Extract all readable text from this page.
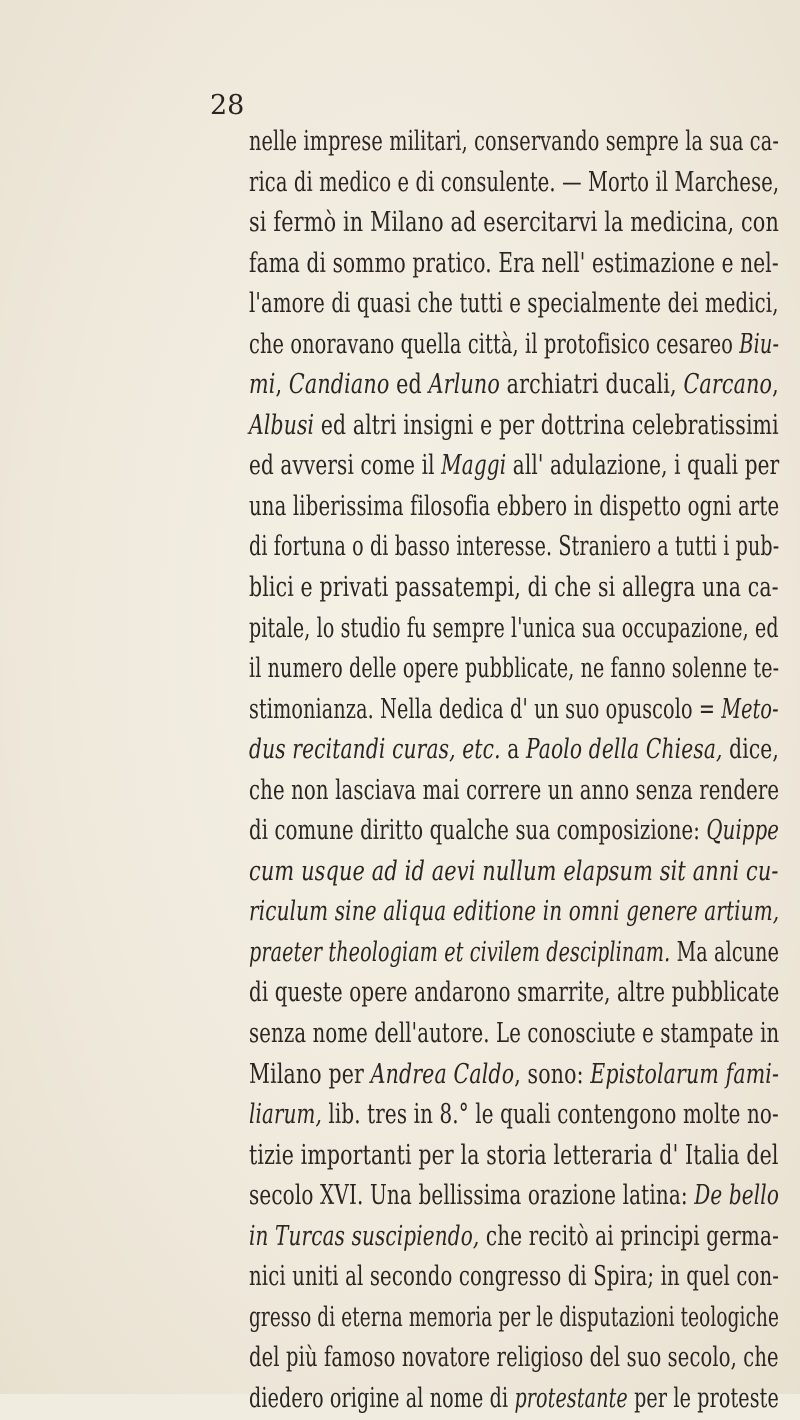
28
nelle imprese militari, conservando sempre la sua ca-
rica di medico e di consulente. — Morto il Marchese,
si fermò in Milano ad esercitarvi la medicina, con
fama di sommo pratico. Era nell' estimazione e nel-
l'amore di quasi che tutti e specialmente dei medici,
che onoravano quella città, il protofisico cesareo Biu-
mi, Candiano ed Arluno archiatri ducali, Carcano,
Albusi ed altri insigni e per dottrina celebratissimi
ed avversi come il Maggi all' adulazione, i quali per
una liberissima filosofia ebbero in dispetto ogni arte
di fortuna o di basso interesse. Straniero a tutti i pub-
blici e privati passatempi, di che si allegra una ca-
pitale, lo studio fu sempre l'unica sua occupazione, ed
il numero delle opere pubblicate, ne fanno solenne te-
stimonianza. Nella dedica d' un suo opuscolo = Meto-
dus recitandi curas, etc. a Paolo della Chiesa, dice,
che non lasciava mai correre un anno senza rendere
di comune diritto qualche sua composizione: Quippe
cum usque ad id aevi nullum elapsum sit anni cu-
riculum sine aliqua editione in omni genere artium,
praeter theologiam et civilem desciplinam. Ma alcune
di queste opere andarono smarrite, altre pubblicate
senza nome dell'autore. Le conosciute e stampate in
Milano per Andrea Caldo, sono: Epistolarum fami-
liarum, lib. tres in 8.° le quali contengono molte no-
tizie importanti per la storia letteraria d' Italia del
secolo XVI. Una bellissima orazione latina: De bello
in Turcas suscipiendo, che recitò ai principi germa-
nici uniti al secondo congresso di Spira; in quel con-
gresso di eterna memoria per le disputazioni teologiche
del più famoso novatore religioso del suo secolo, che
diedero origine al nome di protestante per le proteste
